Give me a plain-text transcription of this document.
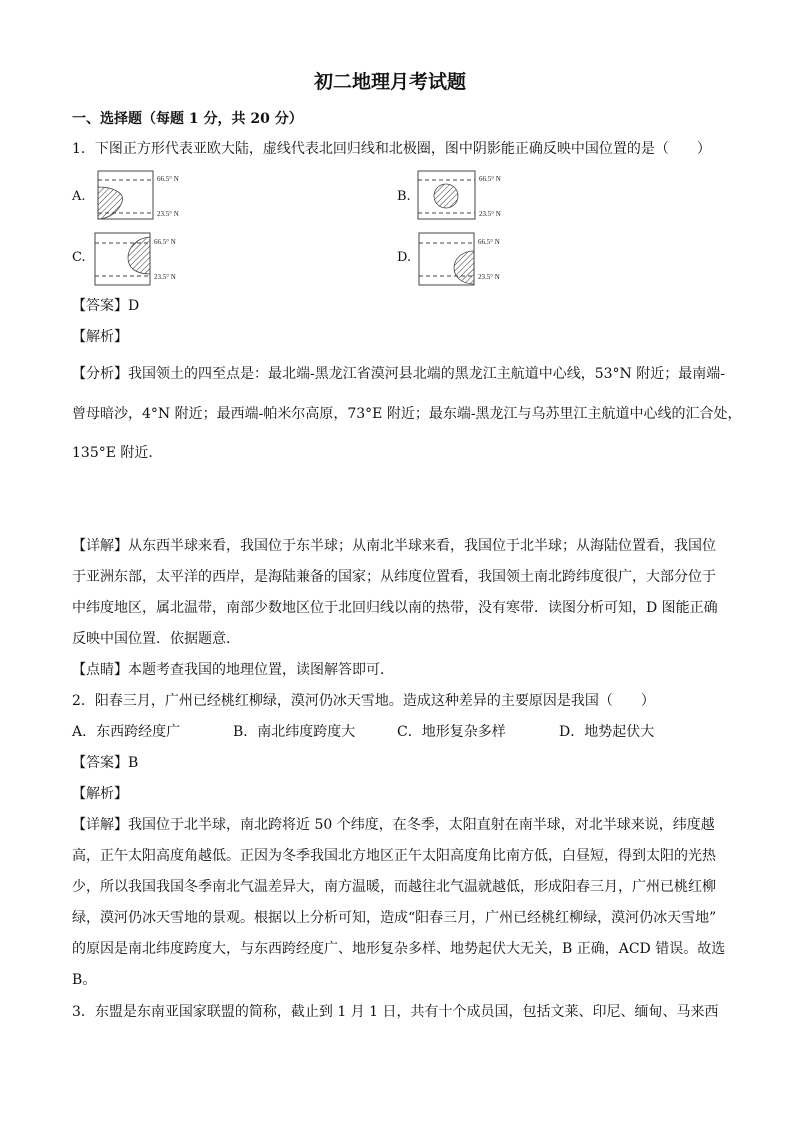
初二地理月考试题
一、选择题（每题 1 分，共 20 分）
1．下图正方形代表亚欧大陆，虚线代表北回归线和北极圈，图中阴影能正确反映中国位置的是（　　）
A.
66.5° N
23.5° N
B.
66.5° N
23.5° N
C.
66.5° N
23.5° N
D.
66.5° N
23.5° N
【答案】D
【解析】
【分析】我国领土的四至点是：最北端-黑龙江省漠河县北端的黑龙江主航道中心线，53°N 附近；最南端-
曾母暗沙，4°N 附近；最西端-帕米尔高原，73°E 附近；最东端-黑龙江与乌苏里江主航道中心线的汇合处，
135°E 附近．
【详解】从东西半球来看，我国位于东半球；从南北半球来看，我国位于北半球；从海陆位置看，我国位
于亚洲东部，太平洋的西岸，是海陆兼备的国家；从纬度位置看，我国领土南北跨纬度很广，大部分位于
中纬度地区，属北温带，南部少数地区位于北回归线以南的热带，没有寒带．读图分析可知，D 图能正确
反映中国位置．依据题意．
【点睛】本题考查我国的地理位置，读图解答即可．
2．阳春三月，广州已经桃红柳绿，漠河仍冰天雪地。造成这种差异的主要原因是我国（　　）
A．东西跨经度广	B．南北纬度跨度大	C．地形复杂多样	D．地势起伏大
【答案】B
【解析】
【详解】我国位于北半球，南北跨将近 50 个纬度，在冬季，太阳直射在南半球，对北半球来说，纬度越
高，正午太阳高度角越低。正因为冬季我国北方地区正午太阳高度角比南方低，白昼短，得到太阳的光热
少，所以我国我国冬季南北气温差异大，南方温暖，而越往北气温就越低，形成阳春三月，广州已桃红柳
绿，漠河仍冰天雪地的景观。根据以上分析可知，造成“阳春三月，广州已经桃红柳绿，漠河仍冰天雪地”
的原因是南北纬度跨度大，与东西跨经度广、地形复杂多样、地势起伏大无关，B 正确，ACD 错误。故选
B。
3．东盟是东南亚国家联盟的简称，截止到 1 月 1 日，共有十个成员国，包括文莱、印尼、缅甸、马来西
